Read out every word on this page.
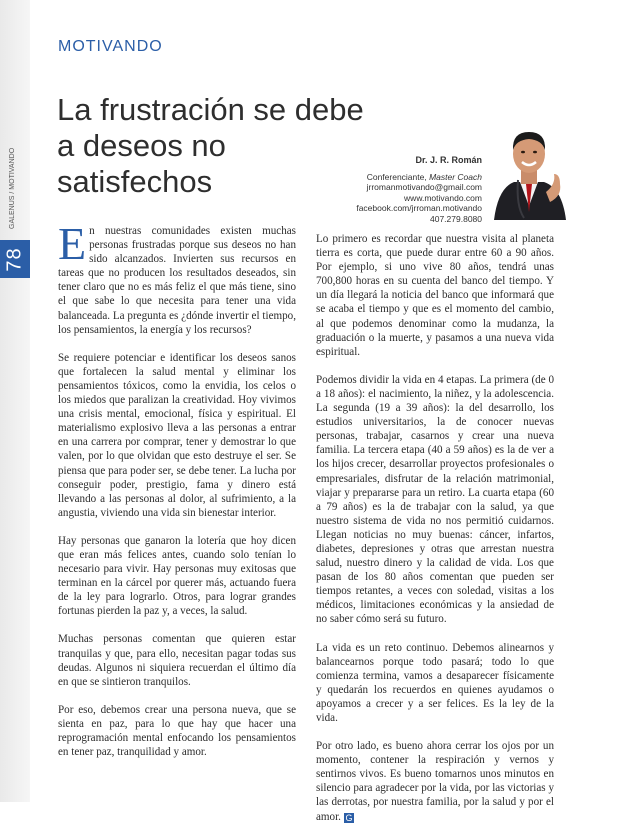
GALENUS / MOTIVANDO
78
MOTIVANDO
La frustración se debe a deseos no satisfechos
Dr. J. R. Román
Conferenciante, Master Coach
jrromanmotivando@gmail.com
www.motivando.com
facebook.com/jrroman.motivando
407.279.8080

En nuestras comunidades existen muchas personas frustradas porque sus deseos no han sido alcanzados. Invierten sus recursos en tareas que no producen los resultados deseados, sin tener claro que no es más feliz el que más tiene, sino el que sabe lo que necesita para tener una vida balanceada. La pregunta es ¿dónde invertir el tiempo, los pensamientos, la energía y los recursos?

Se requiere potenciar e identificar los deseos sanos que fortalecen la salud mental y eliminar los pensamientos tóxicos, como la envidia, los celos o los miedos que paralizan la creatividad. Hoy vivimos una crisis mental, emocional, física y espiritual. El materialismo explosivo lleva a las personas a entrar en una carrera por comprar, tener y demostrar lo que valen, por lo que olvidan que esto destruye el ser. Se piensa que para poder ser, se debe tener. La lucha por conseguir poder, prestigio, fama y dinero está llevando a las personas al dolor, al sufrimiento, a la angustia, viviendo una vida sin bienestar interior.

Hay personas que ganaron la lotería que hoy dicen que eran más felices antes, cuando solo tenían lo necesario para vivir. Hay personas muy exitosas que terminan en la cárcel por querer más, actuando fuera de la ley para lograrlo. Otros, para lograr grandes fortunas pierden la paz y, a veces, la salud.

Muchas personas comentan que quieren estar tranquilas y que, para ello, necesitan pagar todas sus deudas. Algunos ni siquiera recuerdan el último día en que se sintieron tranquilos.

Por eso, debemos crear una persona nueva, que se sienta en paz, para lo que hay que hacer una reprogramación mental enfocando los pensamientos en tener paz, tranquilidad y amor.

Lo primero es recordar que nuestra visita al planeta tierra es corta, que puede durar entre 60 a 90 años. Por ejemplo, si uno vive 80 años, tendrá unas 700,800 horas en su cuenta del banco del tiempo. Y un día llegará la noticia del banco que informará que se acaba el tiempo y que es el momento del cambio, al que podemos denominar como la mudanza, la graduación o la muerte, y pasamos a una nueva vida espiritual.

Podemos dividir la vida en 4 etapas. La primera (de 0 a 18 años): el nacimiento, la niñez, y la adolescencia. La segunda (19 a 39 años): la del desarrollo, los estudios universitarios, la de conocer nuevas personas, trabajar, casarnos y crear una nueva familia. La tercera etapa (40 a 59 años) es la de ver a los hijos crecer, desarrollar proyectos profesionales o empresariales, disfrutar de la relación matrimonial, viajar y prepararse para un retiro. La cuarta etapa (60 a 79 años) es la de trabajar con la salud, ya que nuestro sistema de vida no nos permitió cuidarnos. Llegan noticias no muy buenas: cáncer, infartos, diabetes, depresiones y otras que arrestan nuestra salud, nuestro dinero y la calidad de vida. Los que pasan de los 80 años comentan que pueden ser tiempos retantes, a veces con soledad, visitas a los médicos, limitaciones económicas y la ansiedad de no saber cómo será su futuro.

La vida es un reto continuo. Debemos alinearnos y balancearnos porque todo pasará; todo lo que comienza termina, vamos a desaparecer físicamente y quedarán los recuerdos en quienes ayudamos o apoyamos a crecer y a ser felices. Es la ley de la vida.

Por otro lado, es bueno ahora cerrar los ojos por un momento, contener la respiración y vernos y sentirnos vivos. Es bueno tomarnos unos minutos en silencio para agradecer por la vida, por las victorias y las derrotas, por nuestra familia, por la salud y por el amor. G
